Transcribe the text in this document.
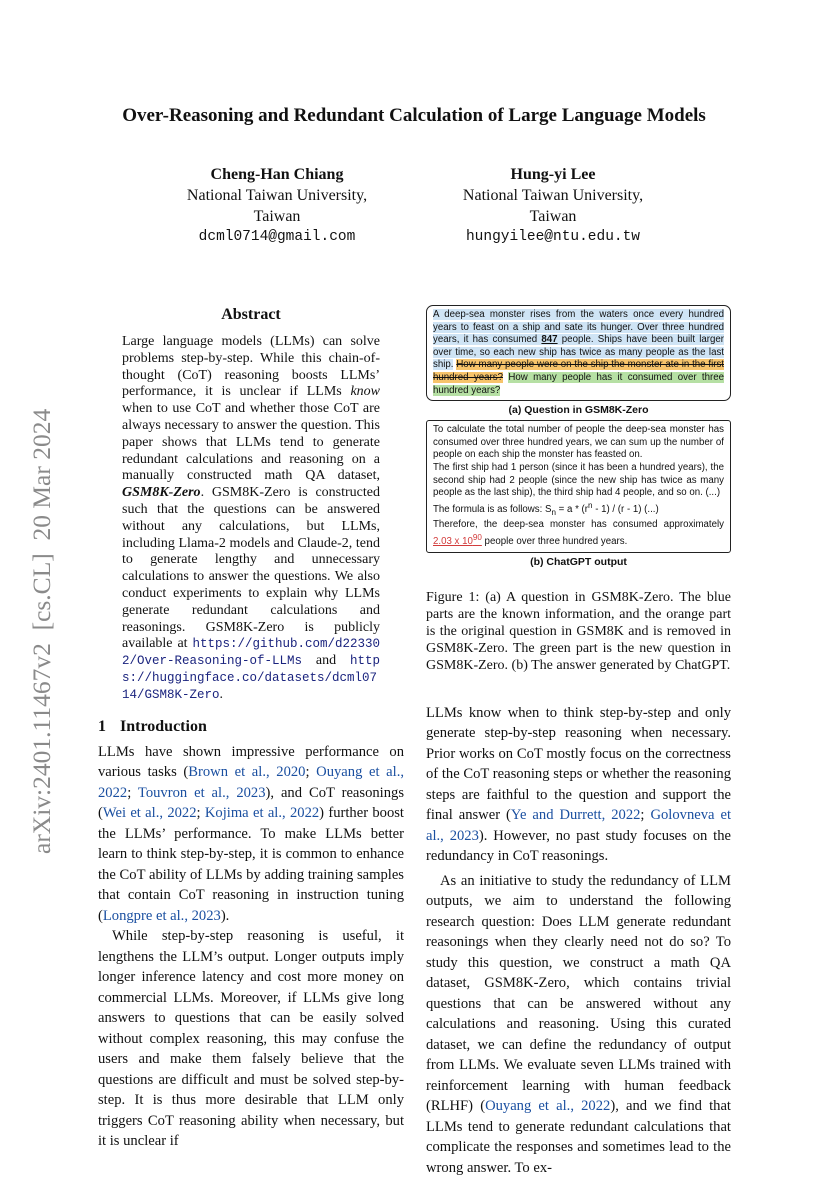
arXiv:2401.11467v2  [cs.CL]  20 Mar 2024
Over-Reasoning and Redundant Calculation of Large Language Models
Cheng-Han Chiang
National Taiwan University,
Taiwan
dcml0714@gmail.com
Hung-yi Lee
National Taiwan University,
Taiwan
hungyilee@ntu.edu.tw
Abstract
Large language models (LLMs) can solve problems step-by-step. While this chain-of-thought (CoT) reasoning boosts LLMs’ performance, it is unclear if LLMs know when to use CoT and whether those CoT are always necessary to answer the question. This paper shows that LLMs tend to generate redundant calculations and reasoning on a manually constructed math QA dataset, GSM8K-Zero. GSM8K-Zero is constructed such that the questions can be answered without any calculations, but LLMs, including Llama-2 models and Claude-2, tend to generate lengthy and unnecessary calculations to answer the questions. We also conduct experiments to explain why LLMs generate redundant calculations and reasonings. GSM8K-Zero is publicly available at https://github.com/d223302/Over-Reasoning-of-LLMs and https://huggingface.co/datasets/dcml0714/GSM8K-Zero.
1 Introduction

LLMs have shown impressive performance on various tasks (Brown et al., 2020; Ouyang et al., 2022; Touvron et al., 2023), and CoT reasonings (Wei et al., 2022; Kojima et al., 2022) further boost the LLMs’ performance. To make LLMs better learn to think step-by-step, it is common to enhance the CoT ability of LLMs by adding training samples that contain CoT reasoning in instruction tuning (Longpre et al., 2023).

While step-by-step reasoning is useful, it lengthens the LLM’s output. Longer outputs imply longer inference latency and cost more money on commercial LLMs. Moreover, if LLMs give long answers to questions that can be easily solved without complex reasoning, this may confuse the users and make them falsely believe that the questions are difficult and must be solved step-by-step. It is thus more desirable that LLM only triggers CoT reasoning ability when necessary, but it is unclear if

A deep-sea monster rises from the waters once every hundred years to feast on a ship and sate its hunger. Over three hundred years, it has consumed 847 people. Ships have been built larger over time, so each new ship has twice as many people as the last ship. How many people were on the ship the monster ate in the first hundred years? How many people has it consumed over three hundred years?
(a) Question in GSM8K-Zero
To calculate the total number of people the deep-sea monster has consumed over three hundred years, we can sum up the number of people on each ship the monster has feasted on.
The first ship had 1 person (since it has been a hundred years), the second ship had 2 people (since the new ship has twice as many people as the last ship), the third ship had 4 people, and so on. (...)
The formula is as follows: $S_n = a * (r^n - 1) / (r - 1)$ (...)
Therefore, the deep-sea monster has consumed approximately 2.03 x $10^{90}$ people over three hundred years.
(b) ChatGPT output
Figure 1: (a) A question in GSM8K-Zero. The blue parts are the known information, and the orange part is the original question in GSM8K and is removed in GSM8K-Zero. The green part is the new question in GSM8K-Zero. (b) The answer generated by ChatGPT.

LLMs know when to think step-by-step and only generate step-by-step reasoning when necessary. Prior works on CoT mostly focus on the correctness of the CoT reasoning steps or whether the reasoning steps are faithful to the question and support the final answer (Ye and Durrett, 2022; Golovneva et al., 2023). However, no past study focuses on the redundancy in CoT reasonings.

As an initiative to study the redundancy of LLM outputs, we aim to understand the following research question: Does LLM generate redundant reasonings when they clearly need not do so? To study this question, we construct a math QA dataset, GSM8K-Zero, which contains trivial questions that can be answered without any calculations and reasoning. Using this curated dataset, we can define the redundancy of output from LLMs. We evaluate seven LLMs trained with reinforcement learning with human feedback (RLHF) (Ouyang et al., 2022), and we find that LLMs tend to generate redundant calculations that complicate the responses and sometimes lead to the wrong answer. To ex-
